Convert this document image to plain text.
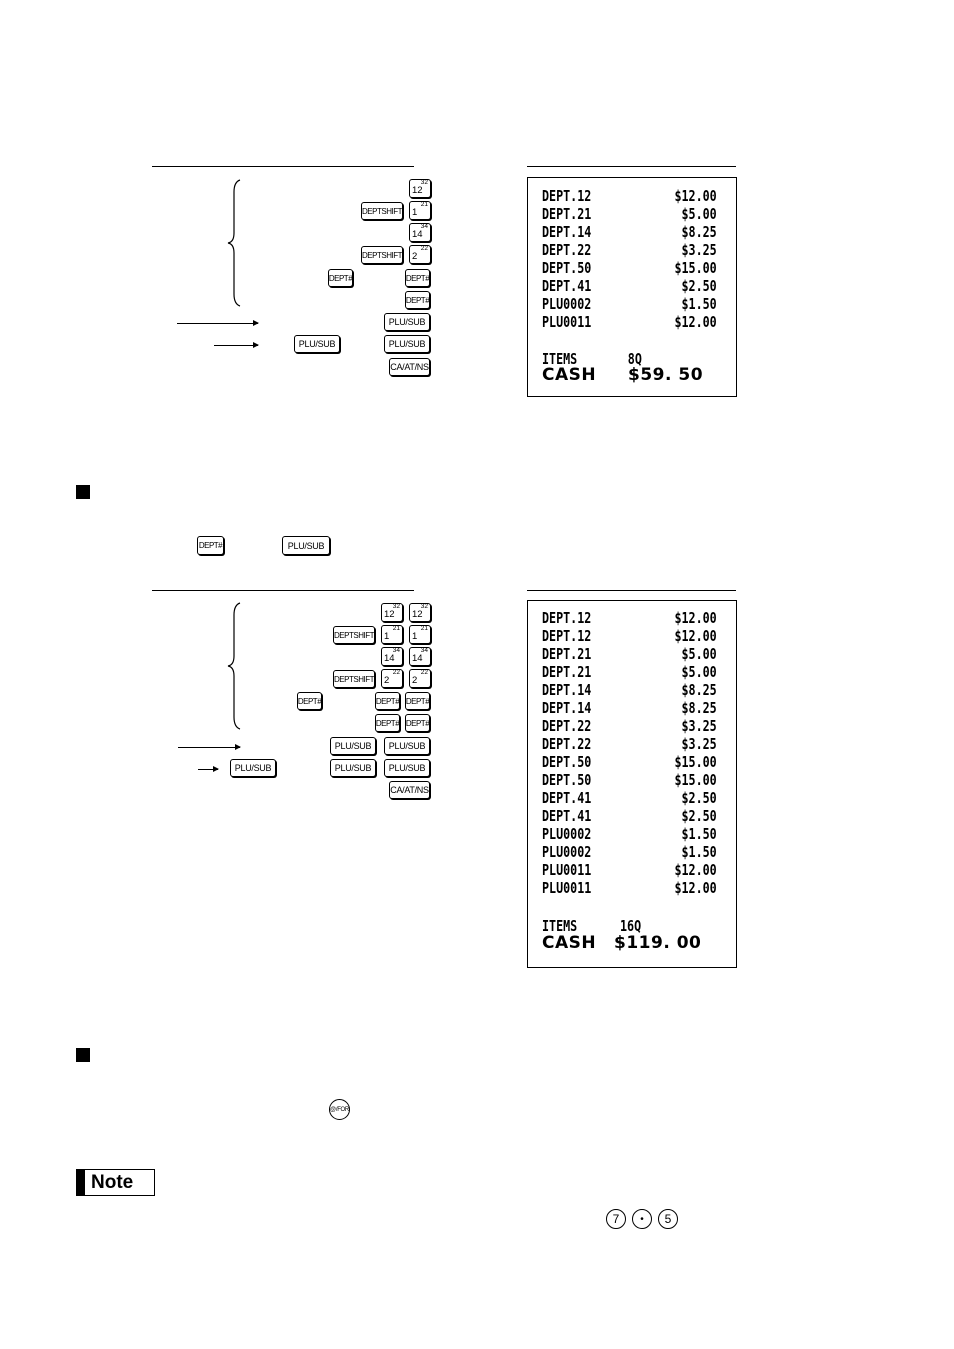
12
32
DEPTSHIFT 1
21
14
34
DEPTSHIFT 2
22
DEPT#	DEPT#
DEPT#
PLU/SUB
PLU/SUB	PLU/SUB
CA/AT/NS
DEPT.12	$12.00
DEPT.21	$5.00
DEPT.14	$8.25
DEPT.22	$3.25
DEPT.50	$15.00
DEPT.41	$2.50
PLU0002	$1.50
PLU0011	$12.00
ITEMS	8Q
CASH $59. 50
DEPT#	PLU/SUB
12
32
12
32
DEPTSHIFT 1
21
1
21
14
34
14
34
DEPTSHIFT 2
22
2
22
DEPT#	DEPT# DEPT#
DEPT# DEPT#
PLU/SUB	PLU/SUB
PLU/SUB	PLU/SUB	PLU/SUB
CA/AT/NS
DEPT.12	$12.00
DEPT.12	$12.00
DEPT.21	$5.00
DEPT.21	$5.00
DEPT.14	$8.25
DEPT.14	$8.25
DEPT.22	$3.25
DEPT.22	$3.25
DEPT.50	$15.00
DEPT.50	$15.00
DEPT.41	$2.50
DEPT.41	$2.50
PLU0002	$1.50
PLU0002	$1.50
PLU0011	$12.00
PLU0011	$12.00
ITEMS	16Q
CASH $119. 00
@/FOR
Note
7	•	5
